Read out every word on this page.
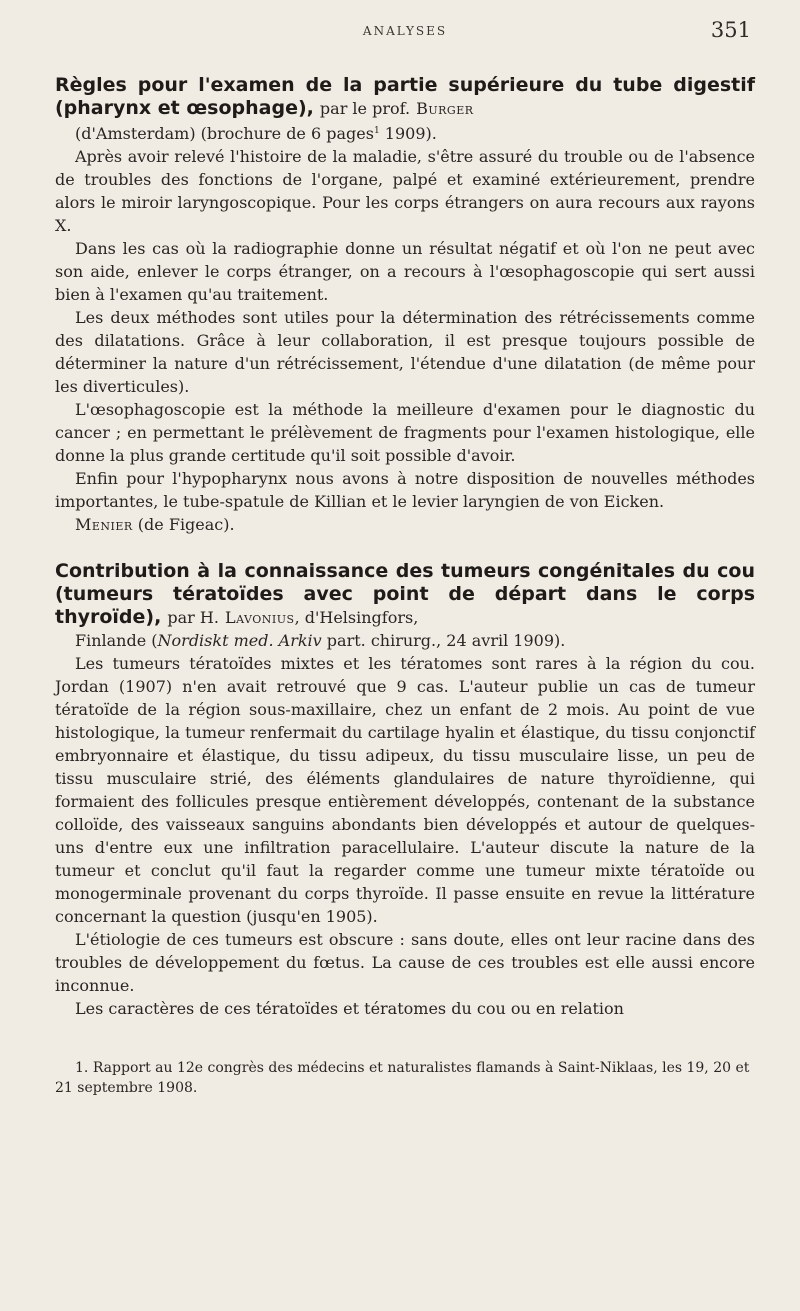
ANALYSES	351

Règles pour l'examen de la partie supérieure du tube digestif (pharynx et œsophage), par le prof. Burger

(d'Amsterdam) (brochure de 6 pages$^1$ 1909).

Après avoir relevé l'histoire de la maladie, s'être assuré du trouble ou de l'absence de troubles des fonctions de l'organe, palpé et examiné extérieurement, prendre alors le miroir laryngoscopique. Pour les corps étrangers on aura recours aux rayons X.

Dans les cas où la radiographie donne un résultat négatif et où l'on ne peut avec son aide, enlever le corps étranger, on a recours à l'œsophagoscopie qui sert aussi bien à l'examen qu'au traitement.

Les deux méthodes sont utiles pour la détermination des rétrécissements comme des dilatations. Grâce à leur collaboration, il est presque toujours possible de déterminer la nature d'un rétrécissement, l'étendue d'une dilatation (de même pour les diverticules).

L'œsophagoscopie est la méthode la meilleure d'examen pour le diagnostic du cancer ; en permettant le prélèvement de fragments pour l'examen histologique, elle donne la plus grande certitude qu'il soit possible d'avoir.

Enfin pour l'hypopharynx nous avons à notre disposition de nouvelles méthodes importantes, le tube-spatule de Killian et le levier laryngien de von Eicken.

Menier (de Figeac).

Contribution à la connaissance des tumeurs congénitales du cou (tumeurs tératoïdes avec point de départ dans le corps thyroïde), par H. Lavonius, d'Helsingfors,

Finlande (Nordiskt med. Arkiv part. chirurg., 24 avril 1909).

Les tumeurs tératoïdes mixtes et les tératomes sont rares à la région du cou. Jordan (1907) n'en avait retrouvé que 9 cas. L'auteur publie un cas de tumeur tératoïde de la région sous-maxillaire, chez un enfant de 2 mois. Au point de vue histologique, la tumeur renfermait du cartilage hyalin et élastique, du tissu conjonctif embryonnaire et élastique, du tissu adipeux, du tissu musculaire lisse, un peu de tissu musculaire strié, des éléments glandulaires de nature thyroïdienne, qui formaient des follicules presque entièrement développés, contenant de la substance colloïde, des vaisseaux sanguins abondants bien développés et autour de quelques-uns d'entre eux une infiltration paracellulaire. L'auteur discute la nature de la tumeur et conclut qu'il faut la regarder comme une tumeur mixte tératoïde ou monogerminale provenant du corps thyroïde. Il passe ensuite en revue la littérature concernant la question (jusqu'en 1905).

L'étiologie de ces tumeurs est obscure : sans doute, elles ont leur racine dans des troubles de développement du fœtus. La cause de ces troubles est elle aussi encore inconnue.

Les caractères de ces tératoïdes et tératomes du cou ou en relation

1. Rapport au 12e congrès des médecins et naturalistes flamands à Saint-Niklaas, les 19, 20 et 21 septembre 1908.
